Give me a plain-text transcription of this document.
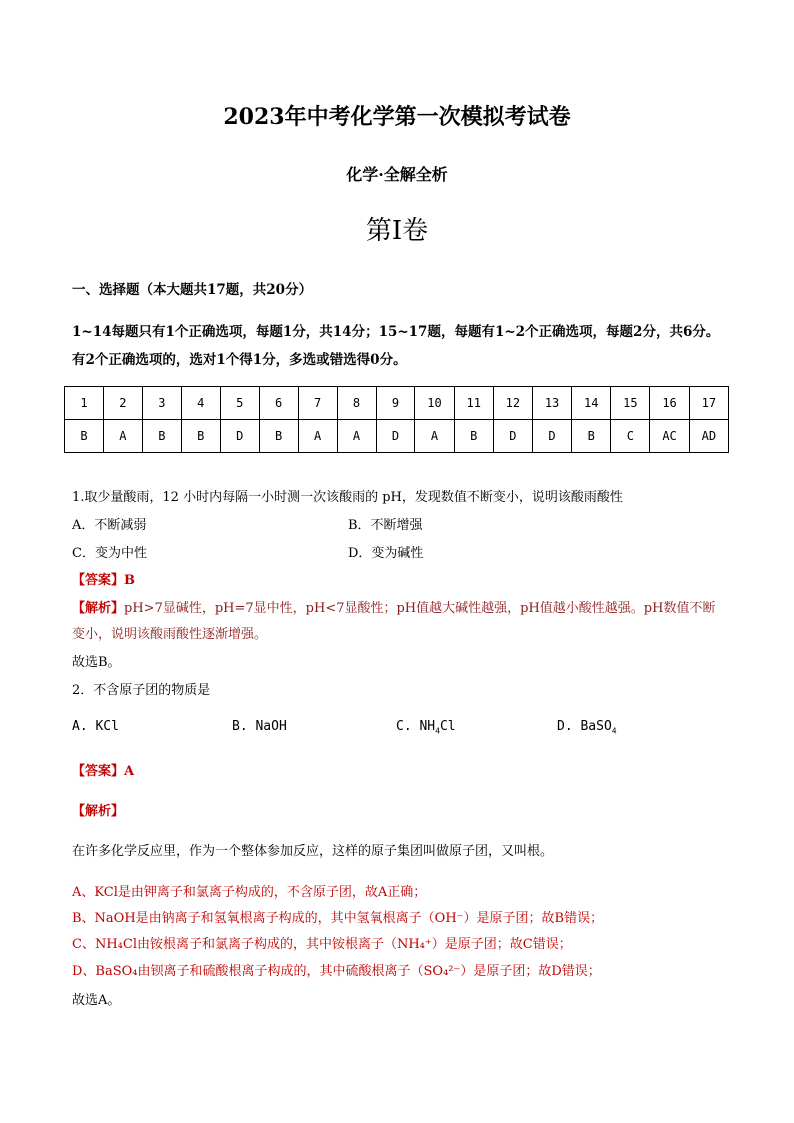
2023年中考化学第一次模拟考试卷
化学·全解全析
第Ⅰ卷
一、选择题（本大题共17题，共20分）
1~14每题只有1个正确选项，每题1分，共14分；15~17题，每题有1~2个正确选项，每题2分，共6分。有2个正确选项的，选对1个得1分，多选或错选得0分。
1	2	3	4	5	6	7	8	9	10	11	12	13	14	15	16	17
B	A	B	B	D	B	A	A	D	A	B	D	D	B	C	AC	AD
1.取少量酸雨，12 小时内每隔一小时测一次该酸雨的 pH，发现数值不断变小，说明该酸雨酸性
A．不断减弱	B．不断增强
C．变为中性	D．变为碱性
【答案】B
【解析】pH>7显碱性，pH=7显中性，pH<7显酸性；pH值越大碱性越强，pH值越小酸性越强。pH数值不断
变小，说明该酸雨酸性逐渐增强。
故选B。
2．不含原子团的物质是
A. KCl	B. NaOH	C. $NH_4Cl$	D. BaSO$_4$
【答案】A
【解析】
在许多化学反应里，作为一个整体参加反应，这样的原子集团叫做原子团，又叫根。
A、KCl是由钾离子和氯离子构成的，不含原子团，故A正确；
B、NaOH是由钠离子和氢氧根离子构成的，其中氢氧根离子（OH⁻）是原子团；故B错误；
C、NH₄Cl由铵根离子和氯离子构成的，其中铵根离子（NH₄⁺）是原子团；故C错误；
D、BaSO₄由钡离子和硫酸根离子构成的，其中硫酸根离子（SO₄²⁻）是原子团；故D错误；
故选A。
